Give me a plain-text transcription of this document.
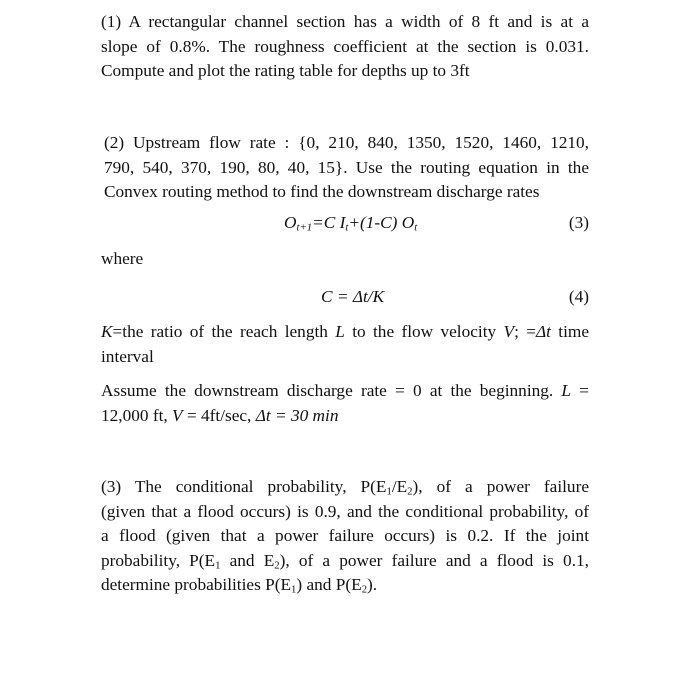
(1) A rectangular channel section has a width of 8 ft and is at a
slope of 0.8%. The roughness coefficient at the section is 0.031.
Compute and plot the rating table for depths up to 3ft
(2) Upstream flow rate : {0, 210, 840, 1350, 1520, 1460, 1210,
790, 540, 370, 190, 80, 40, 15}. Use the routing equation in the
Convex routing method to find the downstream discharge rates
$O_{t+1}=C$ $I_t+(1-C)$ $O_t$	(3)
where
C = Δt/K	(4)
K=the ratio of the reach length L to the flow velocity V; =Δt time
interval
Assume the downstream discharge rate = 0 at the beginning. L =
12,000 ft, V = 4ft/sec, Δt = 30 min
(3) The conditional probability, $P(E_1/E_2)$, of a power failure
(given that a flood occurs) is 0.9, and the conditional probability, of
a flood (given that a power failure occurs) is 0.2. If the joint
probability, $P(E_1$ and $E_2$), of a power failure and a flood is 0.1,
determine probabilities $P(E_1)$ and $P(E_2)$.
